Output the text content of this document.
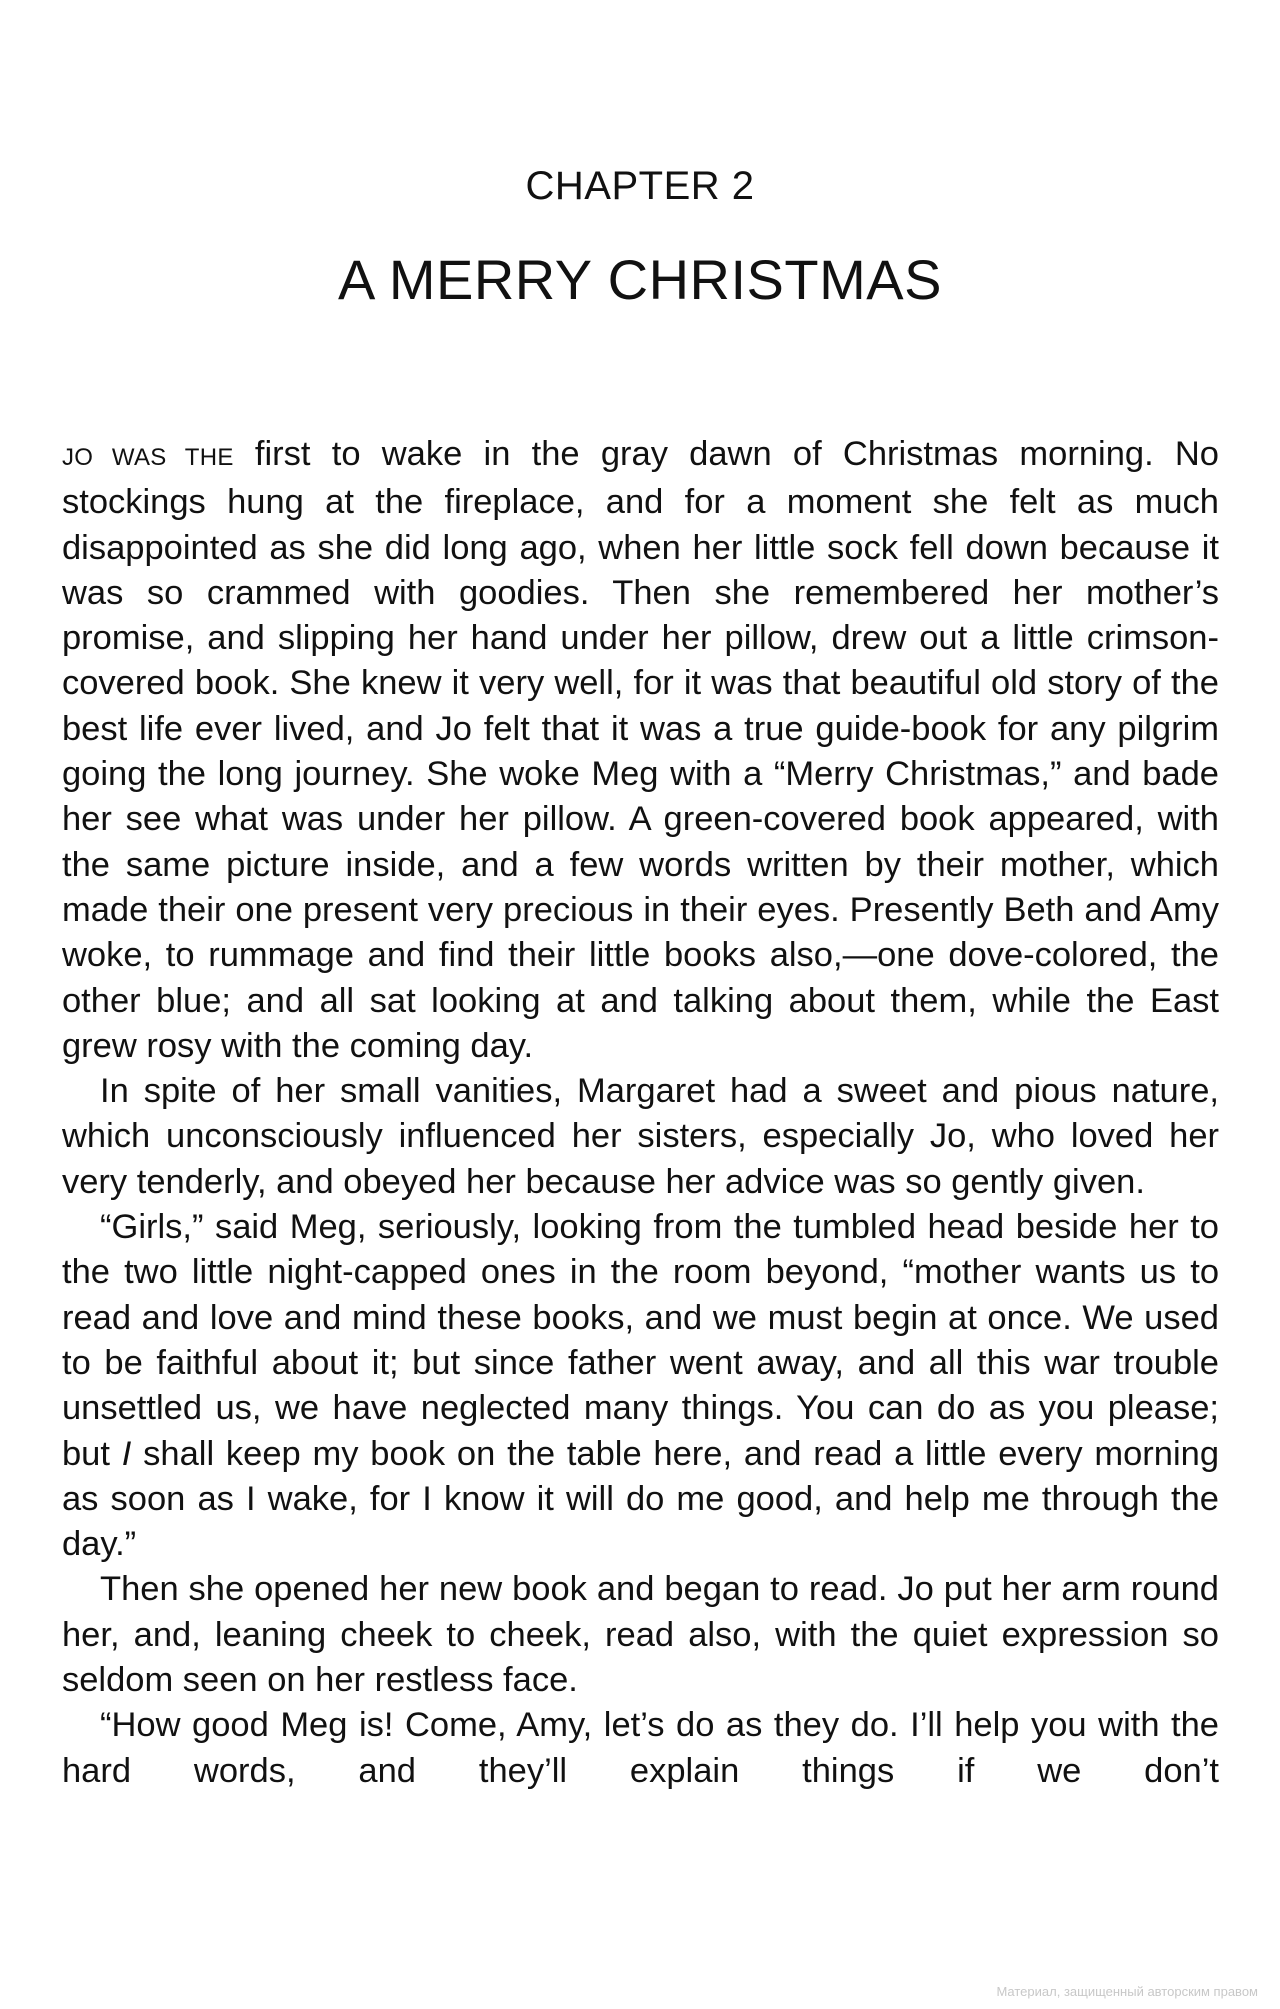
CHAPTER 2
A MERRY CHRISTMAS

JO WAS THE first to wake in the gray dawn of Christmas morning. No stockings hung at the fireplace, and for a moment she felt as much disappointed as she did long ago, when her little sock fell down because it was so crammed with goodies. Then she remembered her mother’s promise, and slipping her hand under her pillow, drew out a little crimson-covered book. She knew it very well, for it was that beautiful old story of the best life ever lived, and Jo felt that it was a true guide-book for any pilgrim going the long journey. She woke Meg with a “Merry Christmas,” and bade her see what was under her pillow. A green-covered book appeared, with the same picture inside, and a few words written by their mother, which made their one present very precious in their eyes. Presently Beth and Amy woke, to rummage and find their little books also,—one dove-colored, the other blue; and all sat looking at and talking about them, while the East grew rosy with the coming day.

In spite of her small vanities, Margaret had a sweet and pious nature, which unconsciously influenced her sisters, especially Jo, who loved her very tenderly, and obeyed her because her advice was so gently given.

“Girls,” said Meg, seriously, looking from the tumbled head beside her to the two little night-capped ones in the room beyond, “mother wants us to read and love and mind these books, and we must begin at once. We used to be faithful about it; but since father went away, and all this war trouble unsettled us, we have neglected many things. You can do as you please; but I shall keep my book on the table here, and read a little every morning as soon as I wake, for I know it will do me good, and help me through the day.”

Then she opened her new book and began to read. Jo put her arm round her, and, leaning cheek to cheek, read also, with the quiet expression so seldom seen on her restless face.

“How good Meg is! Come, Amy, let’s do as they do. I’ll help you with the hard words, and they’ll explain things if we don’t

Материал, защищенный авторским правом
